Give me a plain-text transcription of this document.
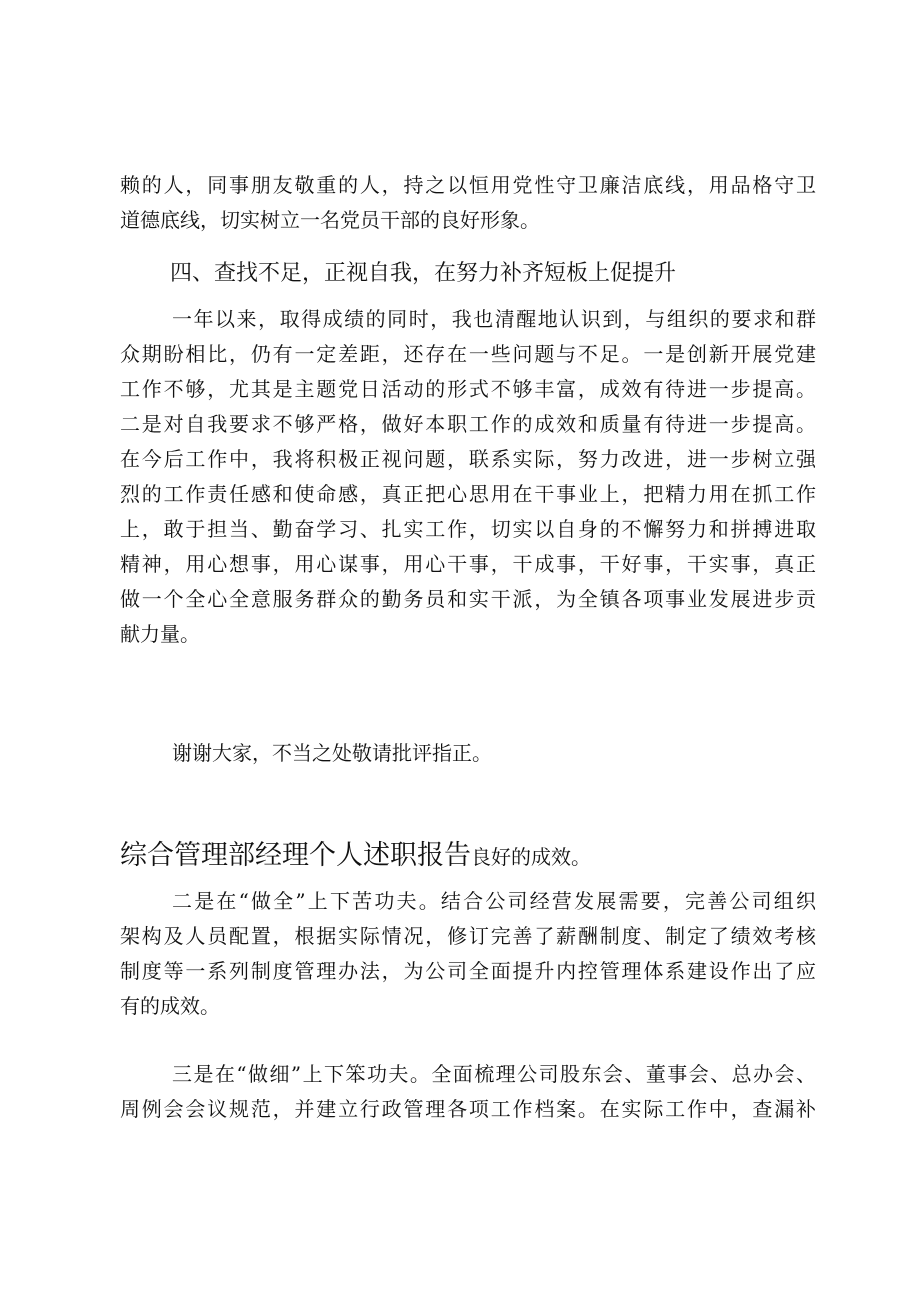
赖的人，同事朋友敬重的人，持之以恒用党性守卫廉洁底线，用品格守卫
道德底线，切实树立一名党员干部的良好形象。
四、查找不足，正视自我，在努力补齐短板上促提升
一年以来，取得成绩的同时，我也清醒地认识到，与组织的要求和群
众期盼相比，仍有一定差距，还存在一些问题与不足。一是创新开展党建
工作不够，尤其是主题党日活动的形式不够丰富，成效有待进一步提高。
二是对自我要求不够严格，做好本职工作的成效和质量有待进一步提高。
在今后工作中，我将积极正视问题，联系实际，努力改进，进一步树立强
烈的工作责任感和使命感，真正把心思用在干事业上，把精力用在抓工作
上，敢于担当、勤奋学习、扎实工作，切实以自身的不懈努力和拼搏进取
精神，用心想事，用心谋事，用心干事，干成事，干好事，干实事，真正
做一个全心全意服务群众的勤务员和实干派，为全镇各项事业发展进步贡
献力量。
谢谢大家，不当之处敬请批评指正。
综合管理部经理个人述职报告良好的成效。
二是在“做全”上下苦功夫。结合公司经营发展需要，完善公司组织
架构及人员配置，根据实际情况，修订完善了薪酬制度、制定了绩效考核
制度等一系列制度管理办法，为公司全面提升内控管理体系建设作出了应
有的成效。
三是在“做细”上下笨功夫。全面梳理公司股东会、董事会、总办会、
周例会会议规范，并建立行政管理各项工作档案。在实际工作中，查漏补
